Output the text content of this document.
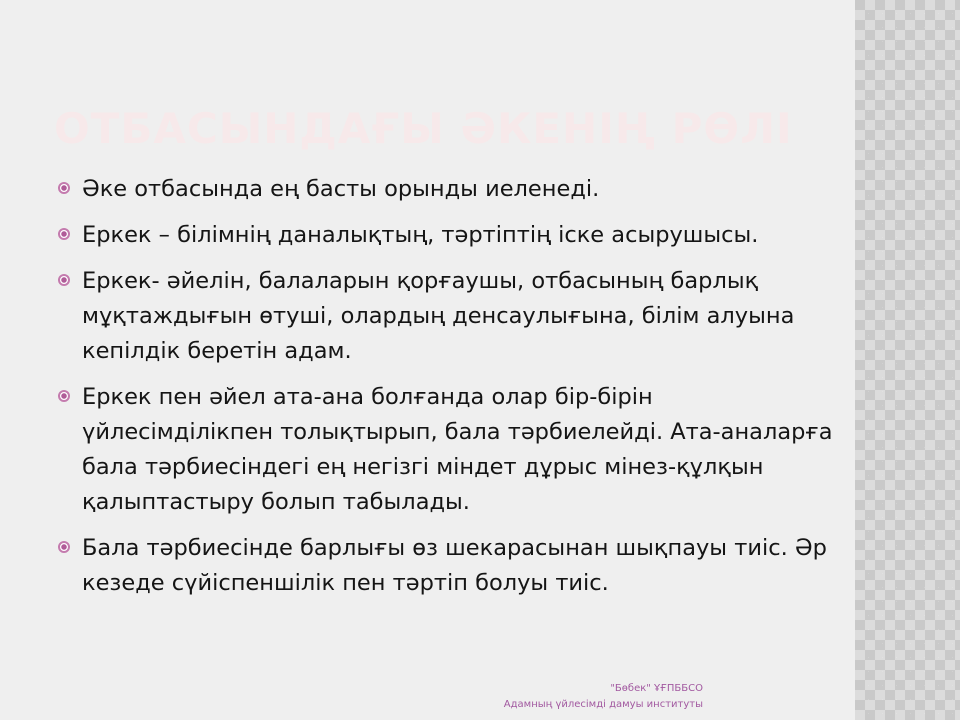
ОТБАСЫНДАҒЫ ӘКЕНІҢ РӨЛІ
Әке отбасында ең басты орынды иеленеді.
Еркек – білімнің даналықтың, тәртіптің іске асырушысы.
Еркек- әйелін, балаларын қорғаушы, отбасының барлық мұқтаждығын өтуші, олардың денсаулығына, білім алуына кепілдік беретін адам.
Еркек пен әйел ата-ана болғанда олар бір-бірін үйлесімділікпен толықтырып, бала тәрбиелейді. Ата-аналарға бала тәрбиесіндегі ең негізгі міндет дұрыс мінез-құлқын қалыптастыру болып табылады.
Бала тәрбиесінде барлығы өз шекарасынан шықпауы тиіс. Әр кезеде сүйіспеншілік пен тәртіп болуы тиіс.
"Бөбек" ҰҒПББСО
Адамның үйлесімді дамуы институты
